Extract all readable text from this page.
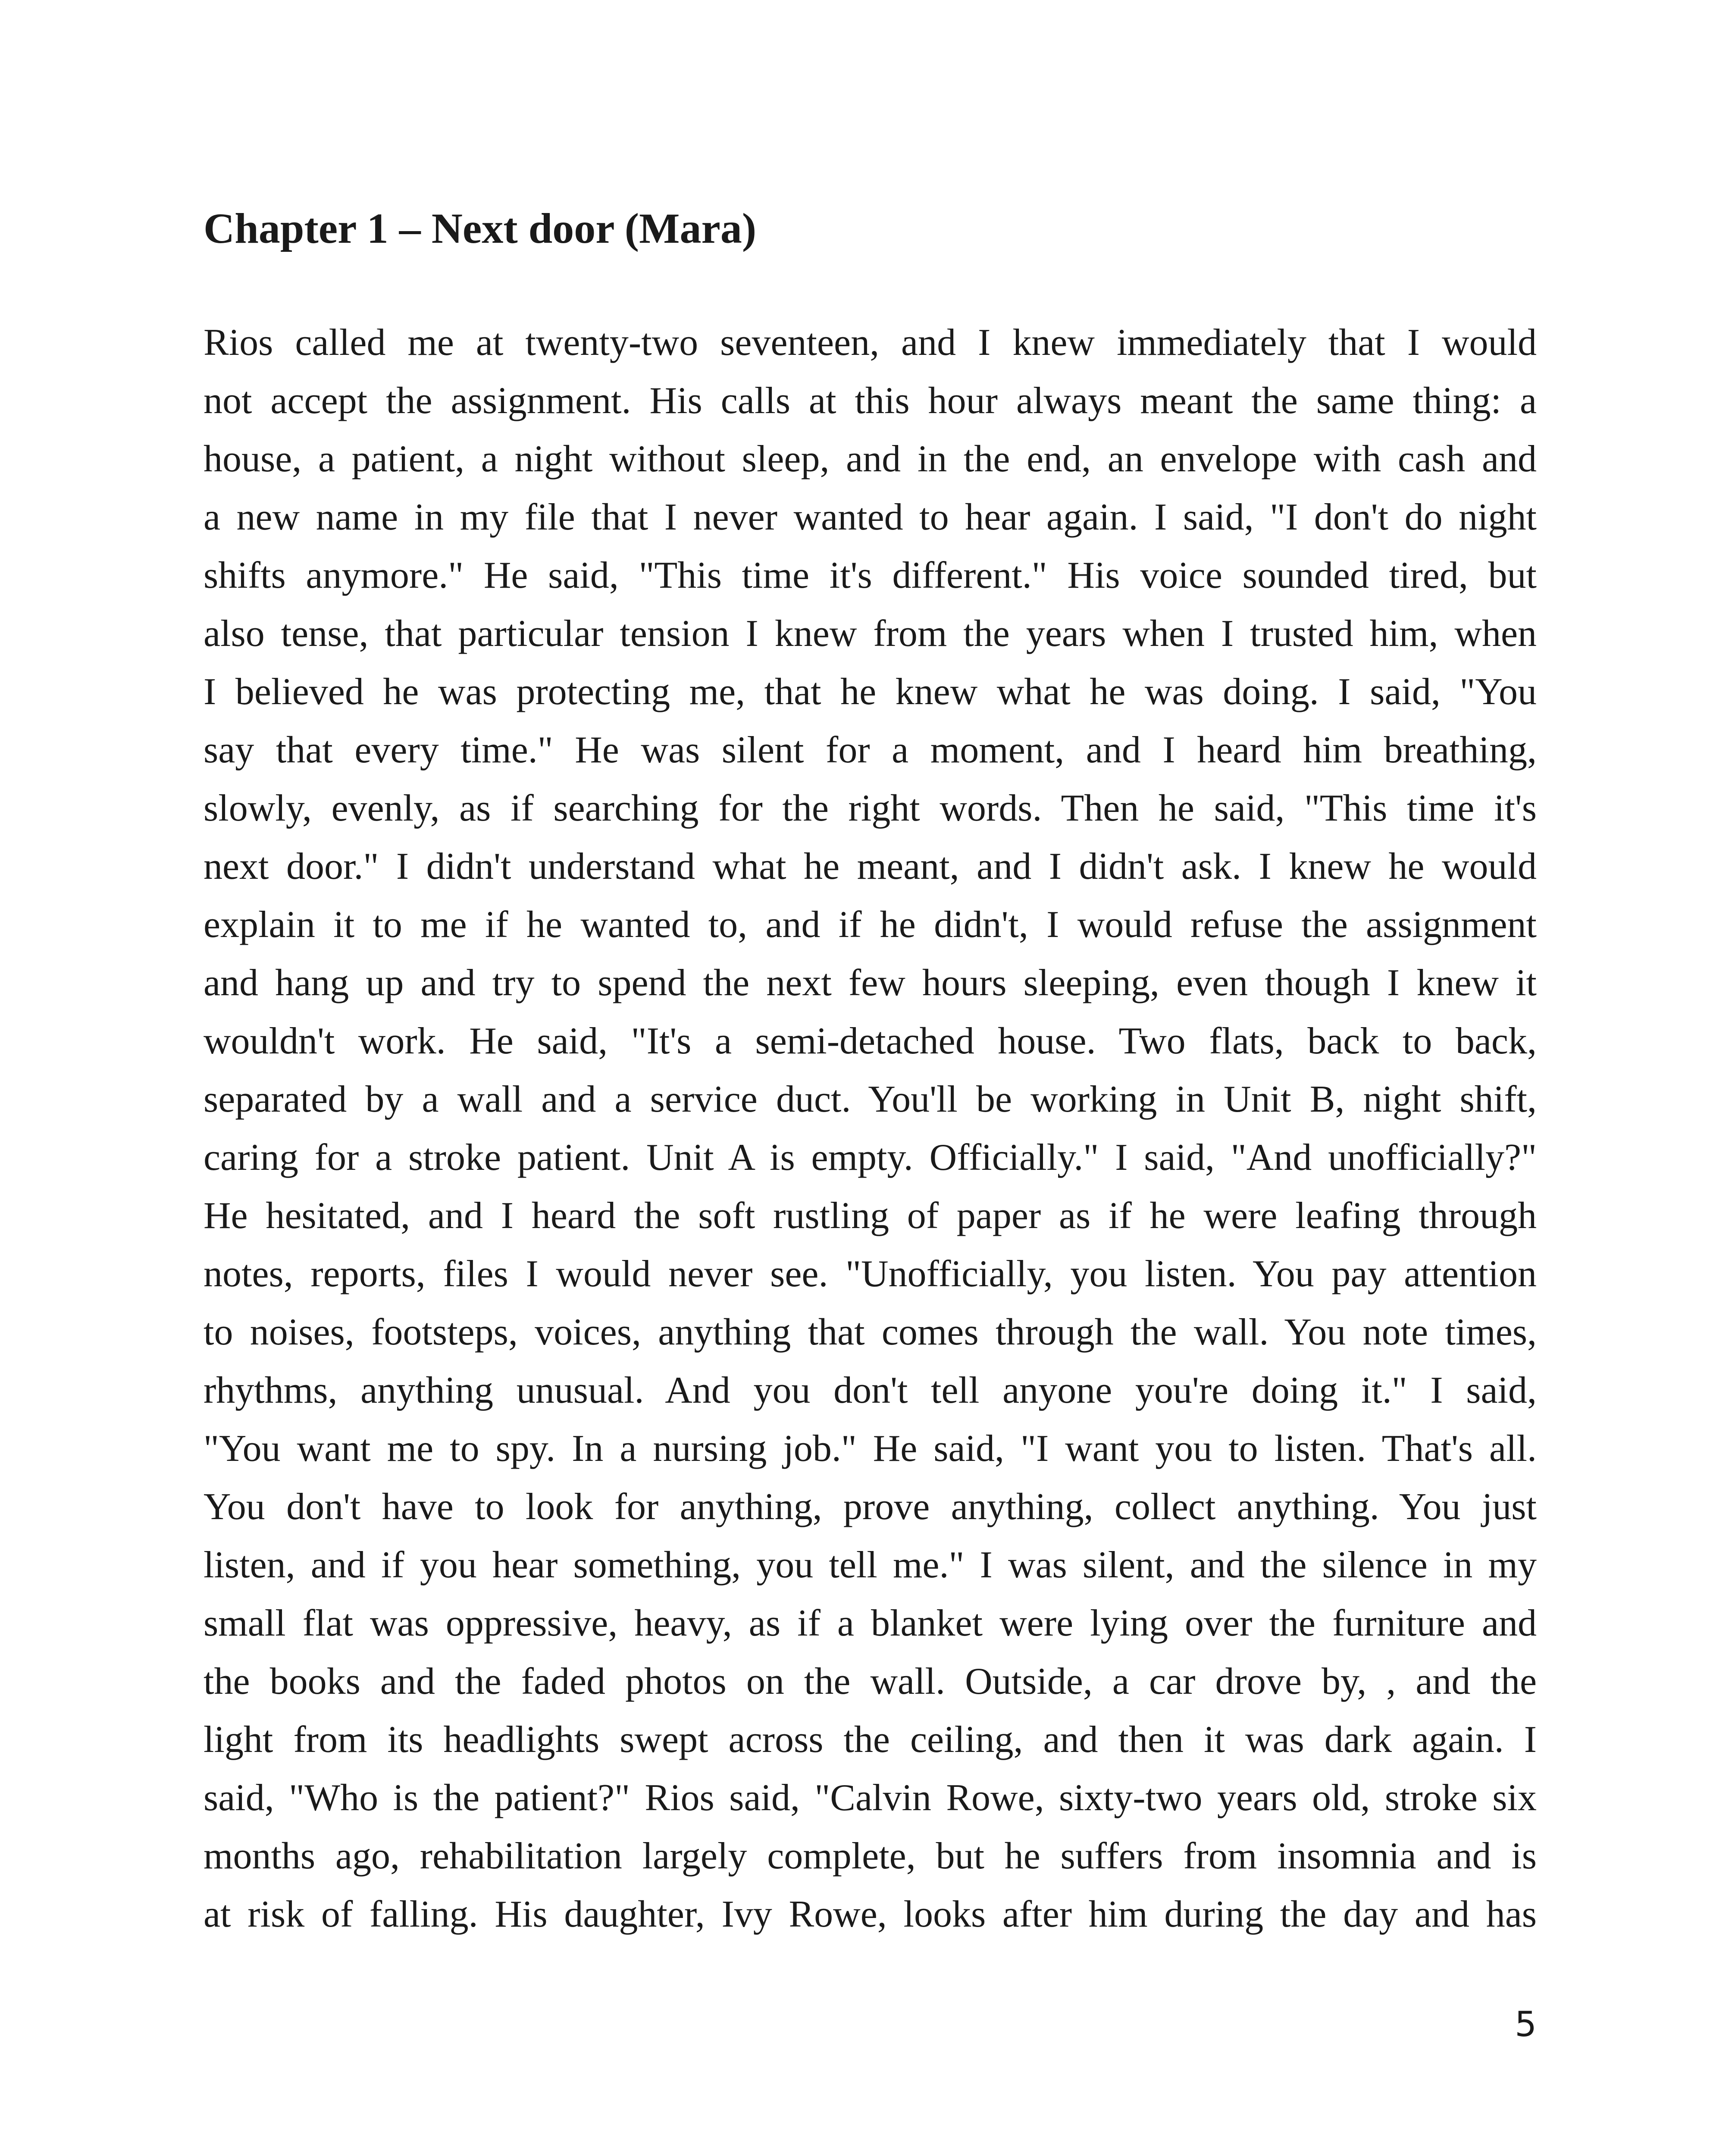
Chapter 1 – Next door (Mara)
Rios called me at twenty-two seventeen, and I knew immediately that I would
not accept the assignment. His calls at this hour always meant the same thing: a
house, a patient, a night without sleep, and in the end, an envelope with cash and
a new name in my file that I never wanted to hear again. I said, "I don't do night
shifts anymore." He said, "This time it's different." His voice sounded tired, but
also tense, that particular tension I knew from the years when I trusted him, when
I believed he was protecting me, that he knew what he was doing. I said, "You
say that every time." He was silent for a moment, and I heard him breathing,
slowly, evenly, as if searching for the right words. Then he said, "This time it's
next door." I didn't understand what he meant, and I didn't ask. I knew he would
explain it to me if he wanted to, and if he didn't, I would refuse the assignment
and hang up and try to spend the next few hours sleeping, even though I knew it
wouldn't work. He said, "It's a semi-detached house. Two flats, back to back,
separated by a wall and a service duct. You'll be working in Unit B, night shift,
caring for a stroke patient. Unit A is empty. Officially." I said, "And unofficially?"
He hesitated, and I heard the soft rustling of paper as if he were leafing through
notes, reports, files I would never see. "Unofficially, you listen. You pay attention
to noises, footsteps, voices, anything that comes through the wall. You note times,
rhythms, anything unusual. And you don't tell anyone you're doing it." I said,
"You want me to spy. In a nursing job." He said, "I want you to listen. That's all.
You don't have to look for anything, prove anything, collect anything. You just
listen, and if you hear something, you tell me." I was silent, and the silence in my
small flat was oppressive, heavy, as if a blanket were lying over the furniture and
the books and the faded photos on the wall. Outside, a car drove by, , and the
light from its headlights swept across the ceiling, and then it was dark again. I
said, "Who is the patient?" Rios said, "Calvin Rowe, sixty-two years old, stroke six
months ago, rehabilitation largely complete, but he suffers from insomnia and is
at risk of falling. His daughter, Ivy Rowe, looks after him during the day and has
5
